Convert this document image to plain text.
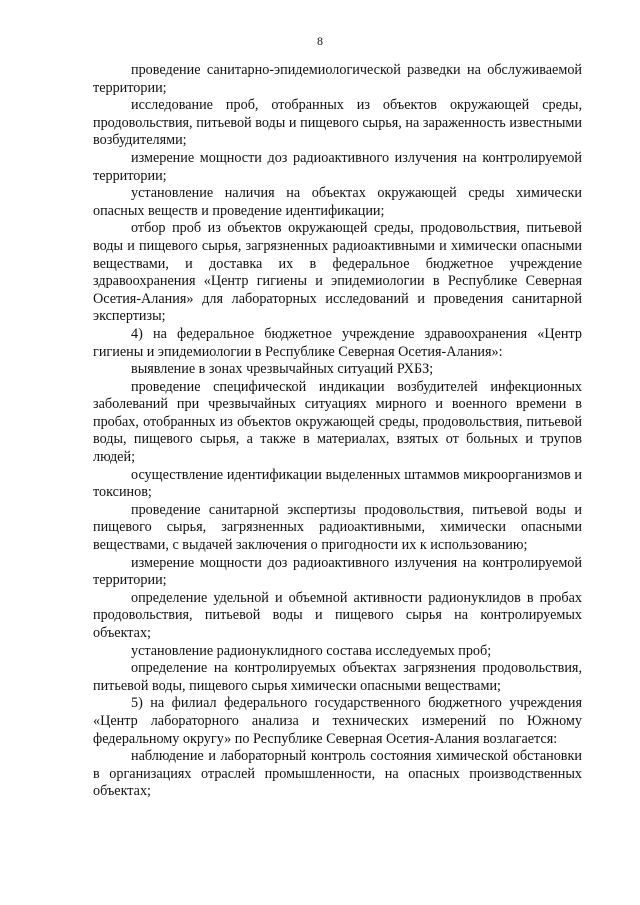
8

проведение санитарно-эпидемиологической разведки на обслуживаемой территории;

исследование проб, отобранных из объектов окружающей среды, продовольствия, питьевой воды и пищевого сырья, на зараженность известными возбудителями;

измерение мощности доз радиоактивного излучения на контролируемой территории;

установление наличия на объектах окружающей среды химически опасных веществ и проведение идентификации;

отбор проб из объектов окружающей среды, продовольствия, питьевой воды и пищевого сырья, загрязненных радиоактивными и химически опасными веществами, и доставка их в федеральное бюджетное учреждение здравоохранения «Центр гигиены и эпидемиологии в Республике Северная Осетия-Алания» для лабораторных исследований и проведения санитарной экспертизы;

4) на федеральное бюджетное учреждение здравоохранения «Центр гигиены и эпидемиологии в Республике Северная Осетия-Алания»:

выявление в зонах чрезвычайных ситуаций РХБЗ;

проведение специфической индикации возбудителей инфекционных заболеваний при чрезвычайных ситуациях мирного и военного времени в пробах, отобранных из объектов окружающей среды, продовольствия, питьевой воды, пищевого сырья, а также в материалах, взятых от больных и трупов людей;

осуществление идентификации выделенных штаммов микроорганизмов и токсинов;

проведение санитарной экспертизы продовольствия, питьевой воды и пищевого сырья, загрязненных радиоактивными, химически опасными веществами, с выдачей заключения о пригодности их к использованию;

измерение мощности доз радиоактивного излучения на контролируемой территории;

определение удельной и объемной активности радионуклидов в пробах продовольствия, питьевой воды и пищевого сырья на контролируемых объектах;

установление радионуклидного состава исследуемых проб;

определение на контролируемых объектах загрязнения продовольствия, питьевой воды, пищевого сырья химически опасными веществами;

5) на филиал федерального государственного бюджетного учреждения «Центр лабораторного анализа и технических измерений по Южному федеральному округу» по Республике Северная Осетия-Алания возлагается:

наблюдение и лабораторный контроль состояния химической обстановки в организациях отраслей промышленности, на опасных производственных объектах;
